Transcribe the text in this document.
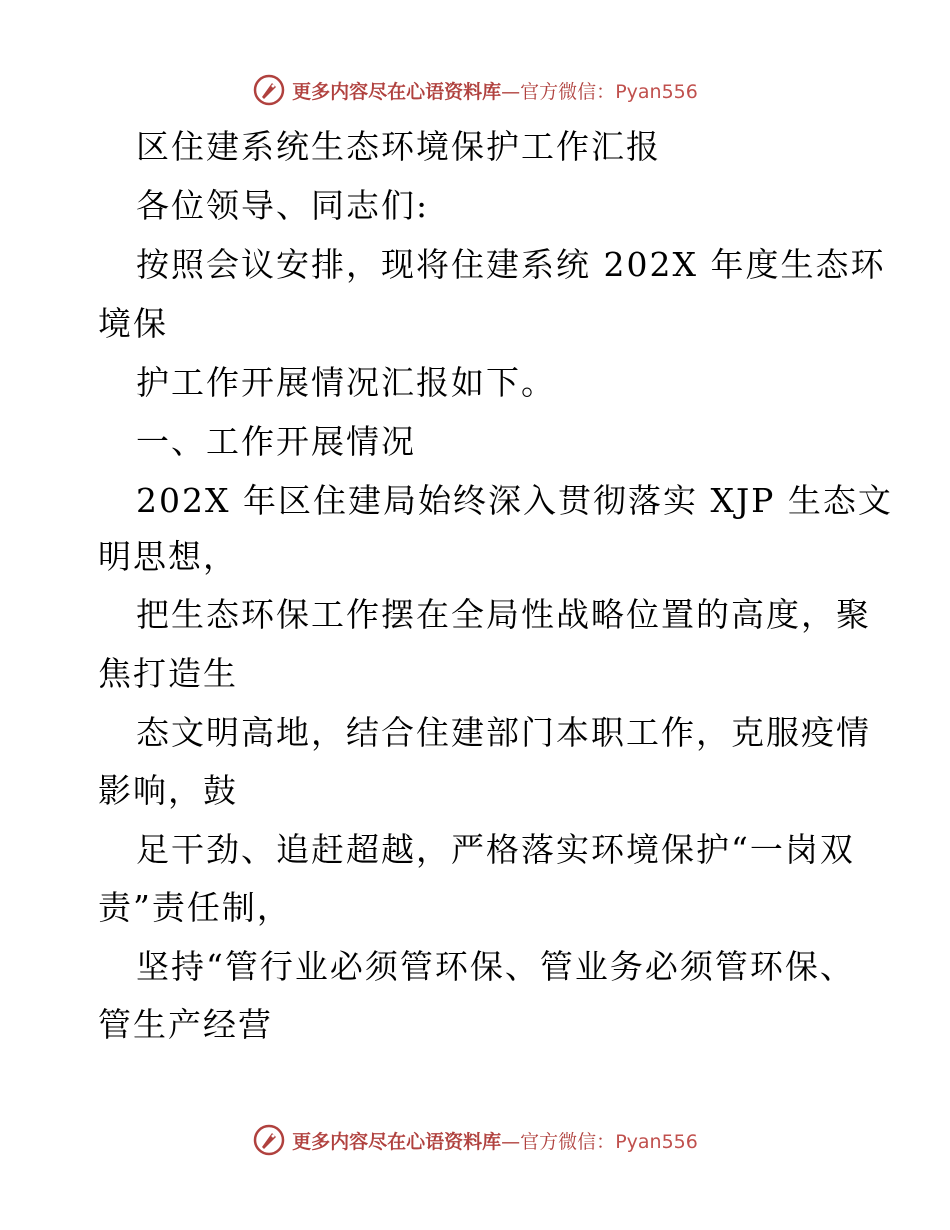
更多内容尽在心语资料库—官方微信：Pyan556
区住建系统生态环境保护工作汇报
各位领导、同志们:
按照会议安排，现将住建系统 202X 年度生态环
境保
护工作开展情况汇报如下。
一、工作开展情况
202X 年区住建局始终深入贯彻落实 XJP 生态文
明思想，
把生态环保工作摆在全局性战略位置的高度，聚
焦打造生
态文明高地，结合住建部门本职工作，克服疫情
影响，鼓
足干劲、追赶超越，严格落实环境保护“一岗双
责”责任制，
坚持“管行业必须管环保、管业务必须管环保、
管生产经营
更多内容尽在心语资料库—官方微信：Pyan556
